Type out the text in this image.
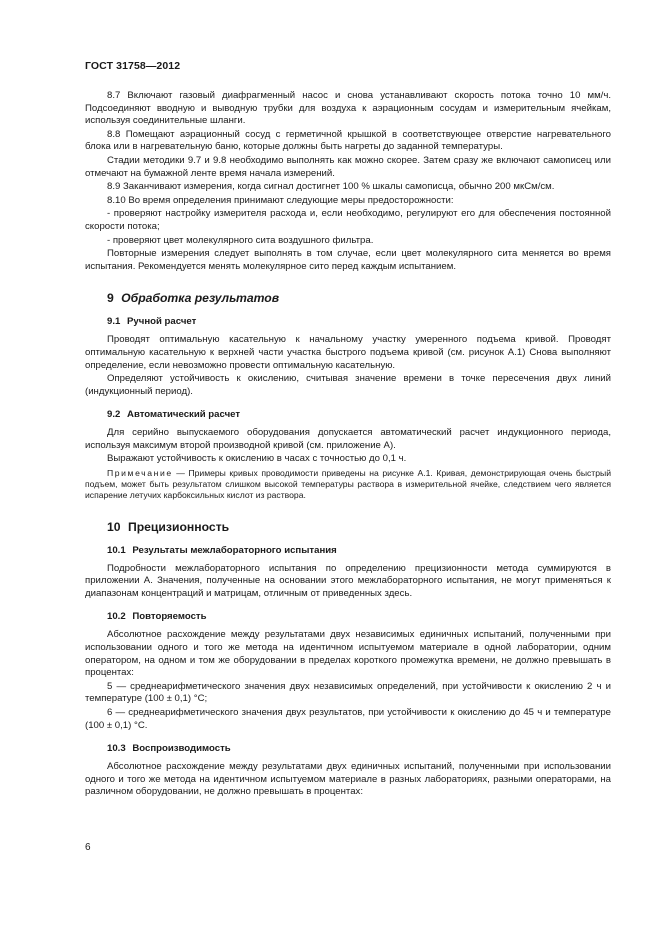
ГОСТ 31758—2012

8.7 Включают газовый диафрагменный насос и снова устанавливают скорость потока точно 10 мм/ч. Подсоединяют вводную и выводную трубки для воздуха к аэрационным сосудам и измерительным ячейкам, используя соединительные шланги.

8.8 Помещают аэрационный сосуд с герметичной крышкой в соответствующее отверстие нагревательного блока или в нагревательную баню, которые должны быть нагреты до заданной температуры.

Стадии методики 9.7 и 9.8 необходимо выполнять как можно скорее. Затем сразу же включают самописец или отмечают на бумажной ленте время начала измерений.

8.9 Заканчивают измерения, когда сигнал достигнет 100 % шкалы самописца, обычно 200 мкСм/см.

8.10 Во время определения принимают следующие меры предосторожности:

- проверяют настройку измерителя расхода и, если необходимо, регулируют его для обеспечения постоянной скорости потока;

- проверяют цвет молекулярного сита воздушного фильтра.

Повторные измерения следует выполнять в том случае, если цвет молекулярного сита меняется во время испытания. Рекомендуется менять молекулярное сито перед каждым испытанием.

9 Обработка результатов
9.1 Ручной расчет

Проводят оптимальную касательную к начальному участку умеренного подъема кривой. Проводят оптимальную касательную к верхней части участка быстрого подъема кривой (см. рисунок А.1) Снова выполняют определение, если невозможно провести оптимальную касательную.

Определяют устойчивость к окислению, считывая значение времени в точке пересечения двух линий (индукционный период).

9.2 Автоматический расчет

Для серийно выпускаемого оборудования допускается автоматический расчет индукционного периода, используя максимум второй производной кривой (см. приложение А).

Выражают устойчивость к окислению в часах с точностью до 0,1 ч.

Примечание — Примеры кривых проводимости приведены на рисунке А.1. Кривая, демонстрирующая очень быстрый подъем, может быть результатом слишком высокой температуры раствора в измерительной ячейке, следствием чего является испарение летучих карбоксильных кислот из раствора.

10 Прецизионность
10.1 Результаты межлабораторного испытания

Подробности межлабораторного испытания по определению прецизионности метода суммируются в приложении А. Значения, полученные на основании этого межлабораторного испытания, не могут применяться к диапазонам концентраций и матрицам, отличным от приведенных здесь.

10.2 Повторяемость

Абсолютное расхождение между результатами двух независимых единичных испытаний, полученными при использовании одного и того же метода на идентичном испытуемом материале в одной лаборатории, одним оператором, на одном и том же оборудовании в пределах короткого промежутка времени, не должно превышать в процентах:

5 — среднеарифметического значения двух независимых определений, при устойчивости к окислению 2 ч и температуре (100 ± 0,1) °С;

6 — среднеарифметического значения двух результатов, при устойчивости к окислению до 45 ч и температуре (100 ± 0,1) °С.

10.3 Воспроизводимость

Абсолютное расхождение между результатами двух единичных испытаний, полученными при использовании одного и того же метода на идентичном испытуемом материале в разных лабораториях, разными операторами, на различном оборудовании, не должно превышать в процентах:

6
